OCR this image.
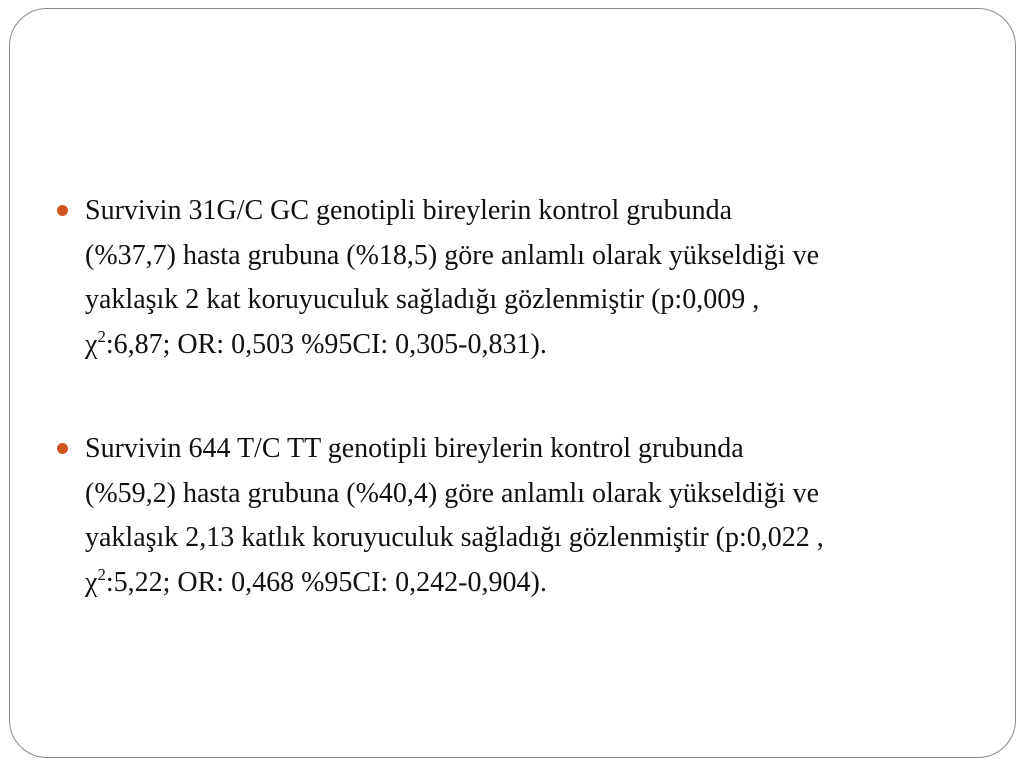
Survivin 31G/C GC genotipli bireylerin kontrol grubunda
(%37,7) hasta grubuna (%18,5) göre anlamlı olarak yükseldiği ve
yaklaşık 2 kat koruyuculuk sağladığı gözlenmiştir (p:0,009 ,
$\chi^2:6,87$; OR: 0,503 %95CI: 0,305-0,831).
Survivin 644 T/C TT genotipli bireylerin kontrol grubunda
(%59,2) hasta grubuna (%40,4) göre anlamlı olarak yükseldiği ve
yaklaşık 2,13 katlık koruyuculuk sağladığı gözlenmiştir (p:0,022 ,
$\chi^2:5,22$; OR: 0,468 %95CI: 0,242-0,904).
